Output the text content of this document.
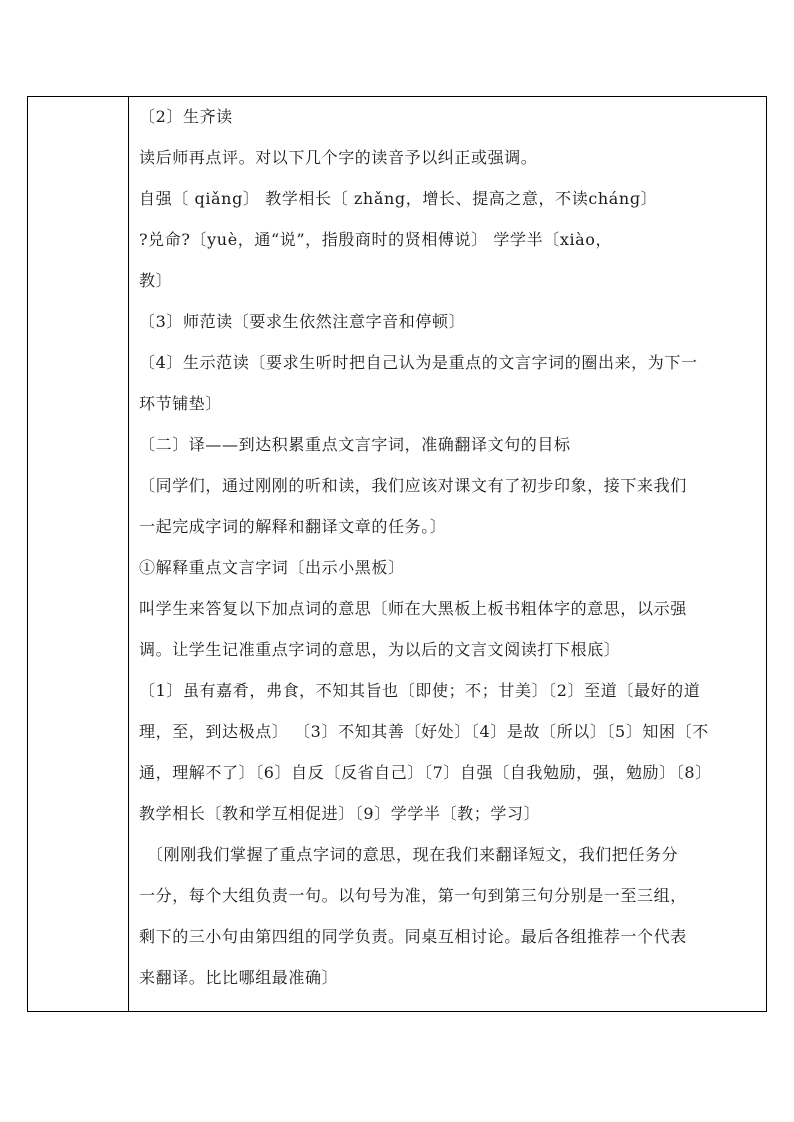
〔2〕生齐读
读后师再点评。对以下几个字的读音予以纠正或强调。
自强〔 qiǎng〕 教学相长〔 zhǎng，增长、提高之意，不读chánɡ〕
?兑命?〔yuè，通“说”，指殷商时的贤相傅说〕 学学半〔xiào，
教〕
〔3〕师范读〔要求生依然注意字音和停顿〕
〔4〕生示范读〔要求生听时把自己认为是重点的文言字词的圈出来，为下一
环节铺垫〕
〔二〕译——到达积累重点文言字词，准确翻译文句的目标
〔同学们，通过刚刚的听和读，我们应该对课文有了初步印象，接下来我们
一起完成字词的解释和翻译文章的任务。〕
①解释重点文言字词〔出示小黑板〕
叫学生来答复以下加点词的意思〔师在大黑板上板书粗体字的意思，以示强
调。让学生记准重点字词的意思，为以后的文言文阅读打下根底〕
〔1〕虽有嘉肴，弗食，不知其旨也〔即使；不；甘美〕〔2〕至道〔最好的道
理，至，到达极点〕 〔3〕不知其善〔好处〕〔4〕是故〔所以〕〔5〕知困〔不
通，理解不了〕〔6〕自反〔反省自己〕〔7〕自强〔自我勉励，强，勉励〕〔8〕
教学相长〔教和学互相促进〕〔9〕学学半〔教；学习〕
〔刚刚我们掌握了重点字词的意思，现在我们来翻译短文，我们把任务分
一分，每个大组负责一句。以句号为准，第一句到第三句分别是一至三组，
剩下的三小句由第四组的同学负责。同桌互相讨论。最后各组推荐一个代表
来翻译。比比哪组最准确〕
